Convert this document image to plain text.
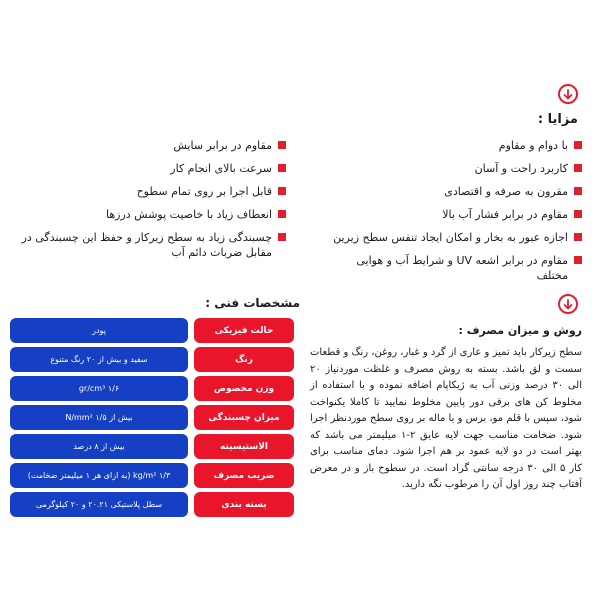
مزایا :
با دوام و مقاوم
کاربرد راحت و آسان
مقرون به صرفه و اقتصادی
مقاوم در برابر فشار آب بالا
اجازه عبور به بخار و امکان ایجاد تنفس سطح زیرین
مقاوم در برابر اشعه UV و شرایط آب و هوایی مختلف
مقاوم در برابر سایش
سرعت بالای انجام کار
قابل اجرا بر روی تمام سطوح
انعطاف زیاد با خاصیت پوشش درزها
چسبندگی زیاد به سطح زیرکار و حفظ این چسبندگی در مقابل ضربات دائم آب
مشخصات فنی :
حالت فیزیکی
پودر
رنگ
سفید و بیش از ۲۰ رنگ متنوع
وزن مخصوص
۱/۶ gr/cm³
میزان چسبندگی
بیش از ۱/۵ N/mm²
الاستیسیته
بیش از ۸ درصد
ضریب مصرف
۱/۳ kg/m² (به ازای هر ۱ میلیمتر ضخامت)
بسته بندی
سطل پلاستیکی ۲۰.۲۱ و ۲۰ کیلوگرمی
روش و میزان مصرف :

سطح زیرکار باید تمیز و عاری از گرد و غبار، روغن، رنگ و قطعات سست و لق باشد. بسته به روش مصرف و غلظت موردنیاز ۲۰ الی ۳۰ درصد وزنی آب به ژیکاپام اضافه نموده و با استفاده از مخلوط کن های برقی دور پایین مخلوط نمایید تا کاملا یکنواخت شود، سپس با قلم مو، برس و یا ماله بر روی سطح موردنظر اجرا شود. ضخامت مناسب جهت لایه عایق ۲-۱ میلیمتر می باشد که بهتر است در دو لایه عمود بر هم اجرا شود. دمای مناسب برای کار ۵ الی ۳۰ درجه سانتی گراد است. در سطوح باز و در معرض آفتاب چند روز اول آن را مرطوب نگه دارید.
